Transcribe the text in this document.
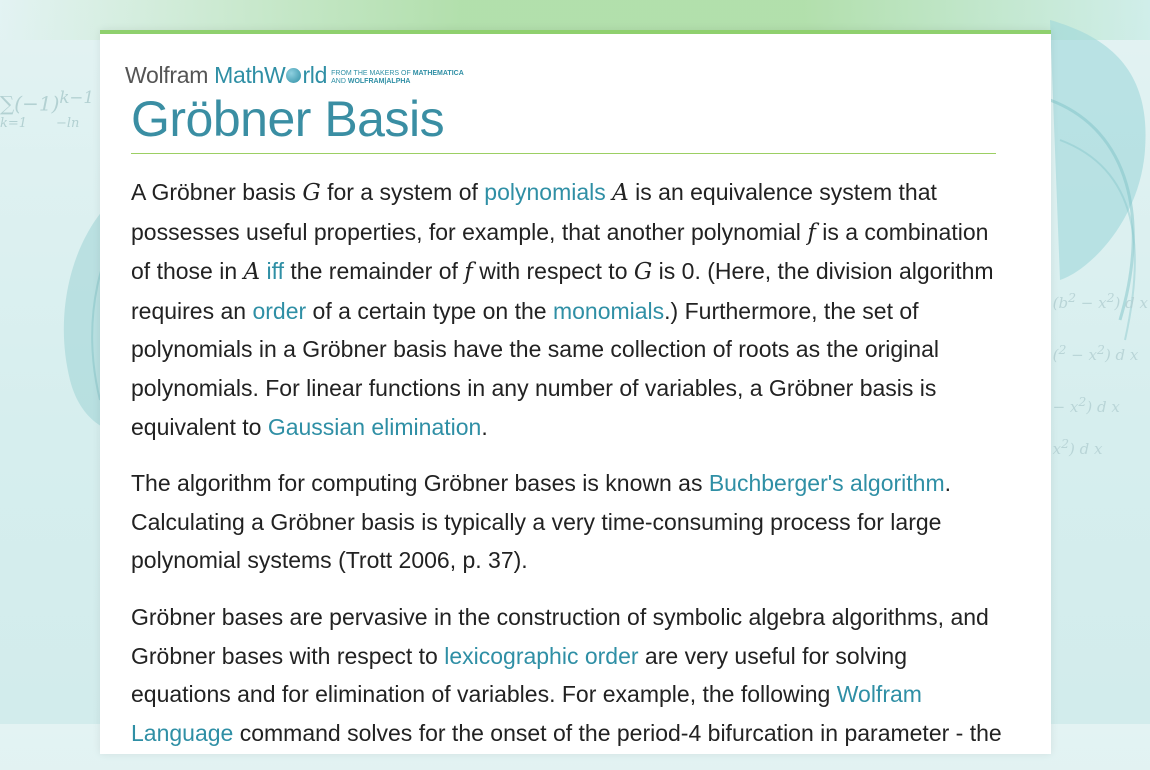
$\sum(-1)^{k-1}$
k=1       −ln
$(b^2 - x^2)$ d x
$(^2 - x^2)$ d x
− $x^2$) d x
$x^2$) d x
Wolfram MathW rld FROM THE MAKERS OF MATHEMATICA
AND WOLFRAM|ALPHA
Gröbner Basis

A Gröbner basis G for a system of polynomials A is an equivalence system that possesses useful properties, for example, that another polynomial f is a combination of those in A iff the remainder of f with respect to G is 0. (Here, the division algorithm requires an order of a certain type on the monomials.) Furthermore, the set of polynomials in a Gröbner basis have the same collection of roots as the original polynomials. For linear functions in any number of variables, a Gröbner basis is equivalent to Gaussian elimination.

The algorithm for computing Gröbner bases is known as Buchberger's algorithm. Calculating a Gröbner basis is typically a very time-consuming process for large polynomial systems (Trott 2006, p. 37).

Gröbner bases are pervasive in the construction of symbolic algebra algorithms, and Gröbner bases with respect to lexicographic order are very useful for solving equations and for elimination of variables. For example, the following Wolfram Language command solves for the onset of the period-4 bifurcation in parameter - the
